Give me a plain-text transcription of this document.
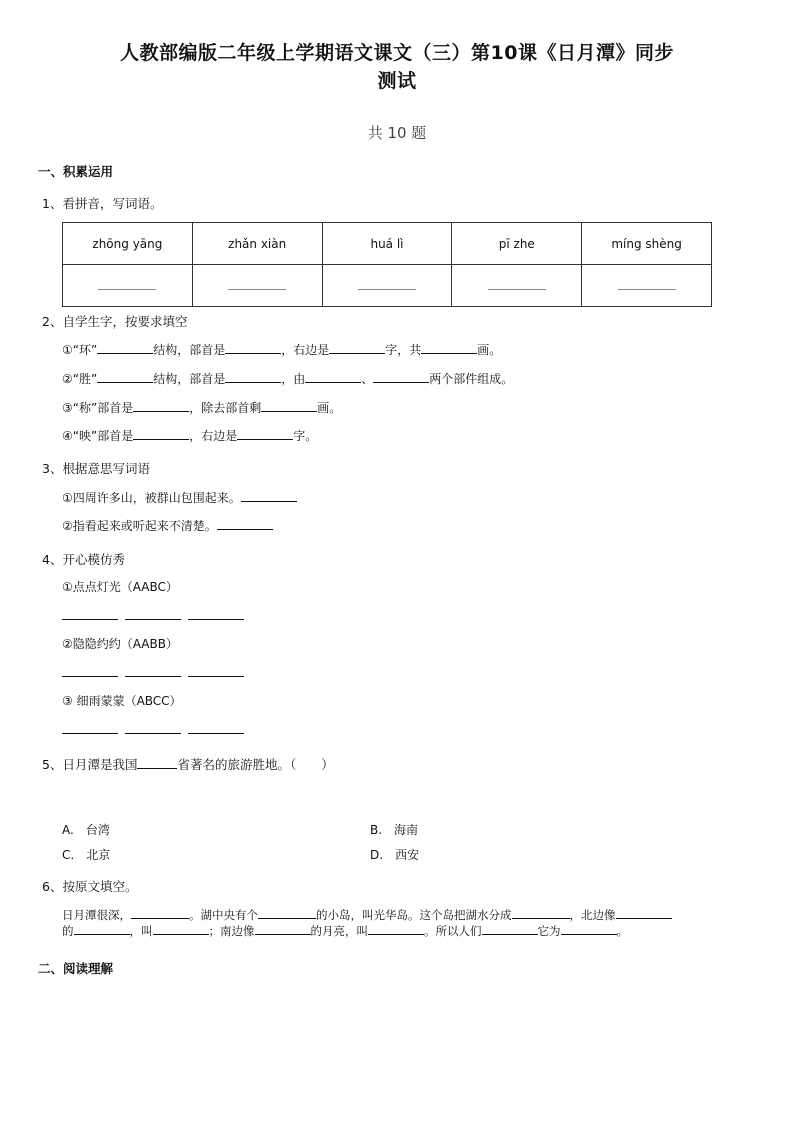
人教部编版二年级上学期语文课文（三）第10课《日月潭》同步
测试
共 10 题
一、积累运用
1、看拼音，写词语。
zhōng yāng	zhǎn xiàn	huá lì	pī zhe	míng shèng

2、自学生字，按要求填空
①“环”	结构，部首是	，右边是	字，共	画。
②“胜”	结构，部首是	，由	、	两个部件组成。
③“称”部首是	，除去部首剩	画。
④“映”部首是	，右边是	字。
3、根据意思写词语
①四周许多山，被群山包围起来。
②指看起来或听起来不清楚。
4、开心模仿秀
①点点灯光（AABC）
②隐隐约约（AABB）
③ 细雨蒙蒙（ABCC）
5、日月潭是我国	省著名的旅游胜地。（　　）
A. 台湾	B. 海南
C. 北京	D. 西安
6、按原文填空。
日月潭很深，	。湖中央有个	的小岛，叫光华岛。这个岛把湖水分成	，北边像
的	，叫	；南边像	的月亮，叫	。所以人们	它为	。
二、阅读理解
